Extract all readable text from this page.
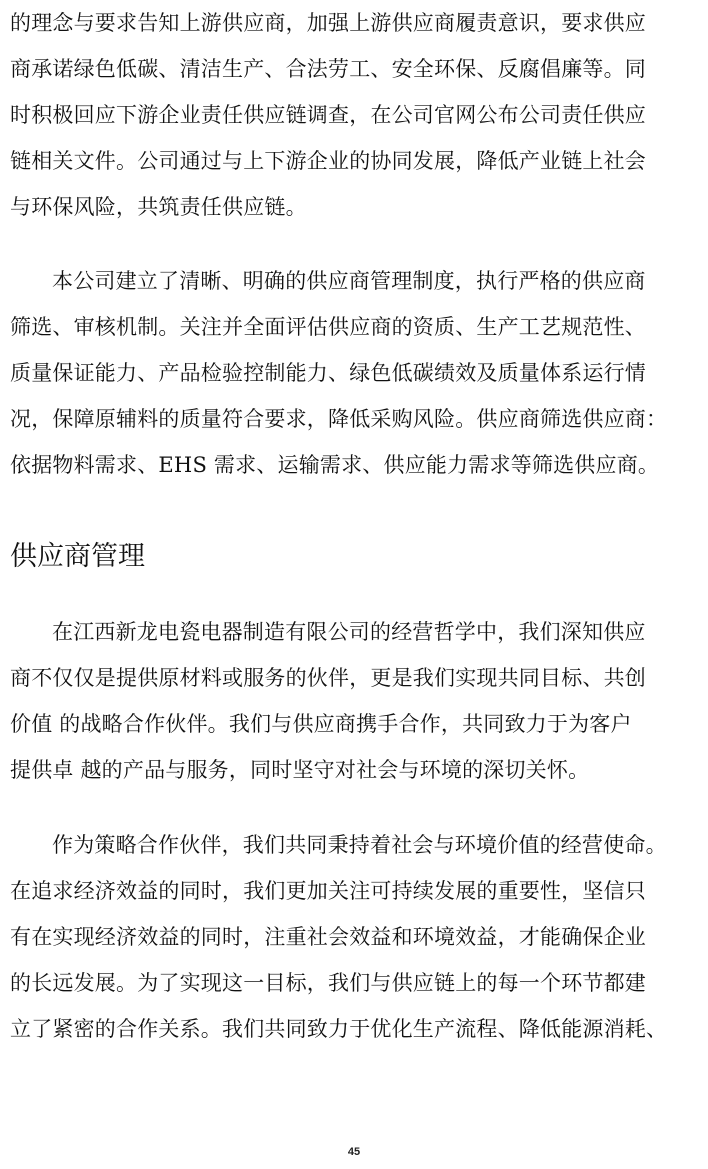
的理念与要求告知上游供应商，加强上游供应商履责意识，要求供应
商承诺绿色低碳、清洁生产、合法劳工、安全环保、反腐倡廉等。同
时积极回应下游企业责任供应链调查，在公司官网公布公司责任供应
链相关文件。公司通过与上下游企业的协同发展，降低产业链上社会
与环保风险，共筑责任供应链。
本公司建立了清晰、明确的供应商管理制度，执行严格的供应商
筛选、审核机制。关注并全面评估供应商的资质、生产工艺规范性、
质量保证能力、产品检验控制能力、绿色低碳绩效及质量体系运行情
况，保障原辅料的质量符合要求，降低采购风险。供应商筛选供应商：
依据物料需求、EHS 需求、运输需求、供应能力需求等筛选供应商。
供应商管理
在江西新龙电瓷电器制造有限公司的经营哲学中，我们深知供应
商不仅仅是提供原材料或服务的伙伴，更是我们实现共同目标、共创
价值 的战略合作伙伴。我们与供应商携手合作，共同致力于为客户
提供卓 越的产品与服务，同时坚守对社会与环境的深切关怀。
作为策略合作伙伴，我们共同秉持着社会与环境价值的经营使命。
在追求经济效益的同时，我们更加关注可持续发展的重要性，坚信只
有在实现经济效益的同时，注重社会效益和环境效益，才能确保企业
的长远发展。为了实现这一目标，我们与供应链上的每一个环节都建
立了紧密的合作关系。我们共同致力于优化生产流程、降低能源消耗、
45
